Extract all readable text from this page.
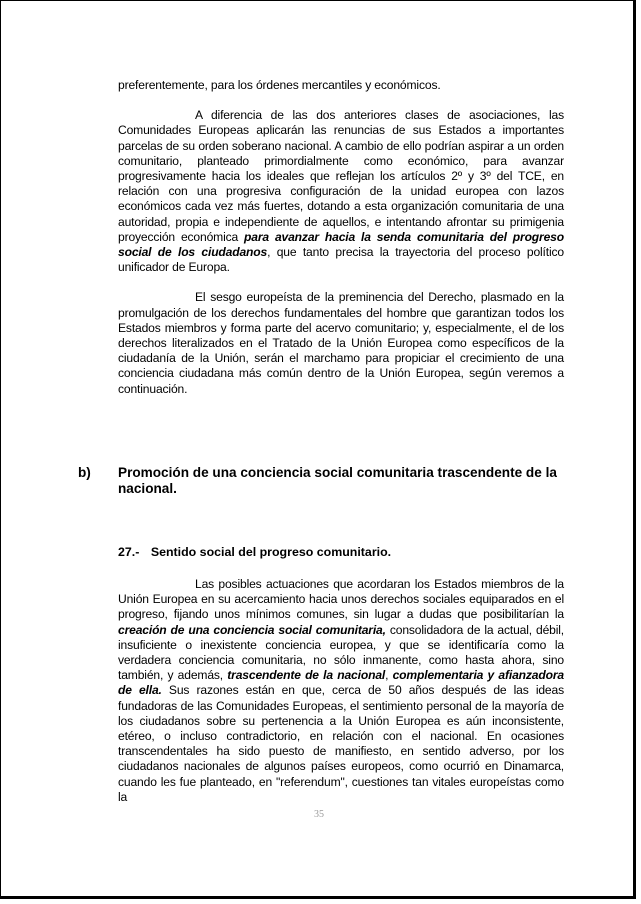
preferentemente, para los órdenes mercantiles y económicos.

A diferencia de las dos anteriores clases de asociaciones, las Comunidades Europeas aplicarán las renuncias de sus Estados a importantes parcelas de su orden soberano nacional. A cambio de ello podrían aspirar a un orden comunitario, planteado primordialmente como económico, para avanzar progresivamente hacia los ideales que reflejan los artículos 2º y 3º del TCE, en relación con una progresiva configuración de la unidad europea con lazos económicos cada vez más fuertes, dotando a esta organización comunitaria de una autoridad, propia e independiente de aquellos, e intentando afrontar su primigenia proyección económica para avanzar hacia la senda comunitaria del progreso social de los ciudadanos, que tanto precisa la trayectoria del proceso político unificador de Europa.

El sesgo europeísta de la preminencia del Derecho, plasmado en la promulgación de los derechos fundamentales del hombre que garantizan todos los Estados miembros y forma parte del acervo comunitario; y, especialmente, el de los derechos literalizados en el Tratado de la Unión Europea como específicos de la ciudadanía de la Unión, serán el marchamo para propiciar el crecimiento de una conciencia ciudadana más común dentro de la Unión Europea, según veremos a continuación.

b) Promoción de una conciencia social comunitaria trascendente de la nacional.
27.- Sentido social del progreso comunitario.

Las posibles actuaciones que acordaran los Estados miembros de la Unión Europea en su acercamiento hacia unos derechos sociales equiparados en el progreso, fijando unos mínimos comunes, sin lugar a dudas que posibilitarían la creación de una conciencia social comunitaria, consolidadora de la actual, débil, insuficiente o inexistente conciencia europea, y que se identificaría como la verdadera conciencia comunitaria, no sólo inmanente, como hasta ahora, sino también, y además, trascendente de la nacional, complementaria y afianzadora de ella. Sus razones están en que, cerca de 50 años después de las ideas fundadoras de las Comunidades Europeas, el sentimiento personal de la mayoría de los ciudadanos sobre su pertenencia a la Unión Europea es aún inconsistente, etéreo, o incluso contradictorio, en relación con el nacional. En ocasiones transcendentales ha sido puesto de manifiesto, en sentido adverso, por los ciudadanos nacionales de algunos países europeos, como ocurrió en Dinamarca, cuando les fue planteado, en "referendum", cuestiones tan vitales europeístas como la

35
